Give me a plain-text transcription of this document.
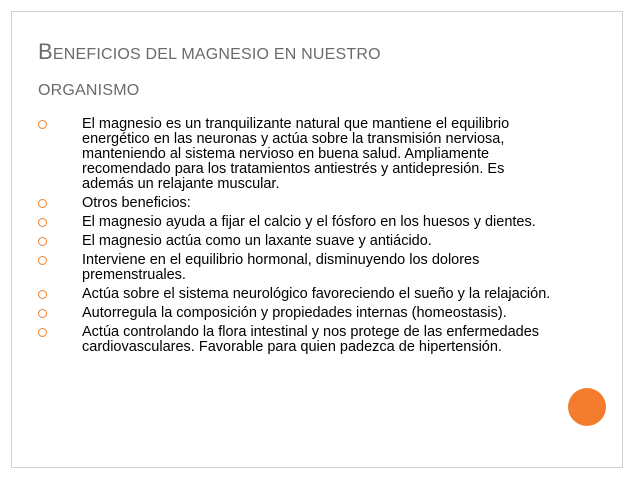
BENEFICIOS DEL MAGNESIO EN NUESTRO
ORGANISMO
El magnesio es un tranquilizante natural que mantiene el equilibrio energético en las neuronas y actúa sobre la transmisión nerviosa, manteniendo al sistema nervioso en buena salud. Ampliamente recomendado para los tratamientos antiestrés y antidepresión. Es además un relajante muscular.
Otros beneficios:
El magnesio ayuda a fijar el calcio y el fósforo en los huesos y dientes.
El magnesio actúa como un laxante suave y antiácido.
Interviene en el equilibrio hormonal, disminuyendo los dolores premenstruales.
Actúa sobre el sistema neurológico favoreciendo el sueño y la relajación.
Autorregula la composición y propiedades internas (homeostasis).
Actúa controlando la flora intestinal y nos protege de las enfermedades cardiovasculares. Favorable para quien padezca de hipertensión.
